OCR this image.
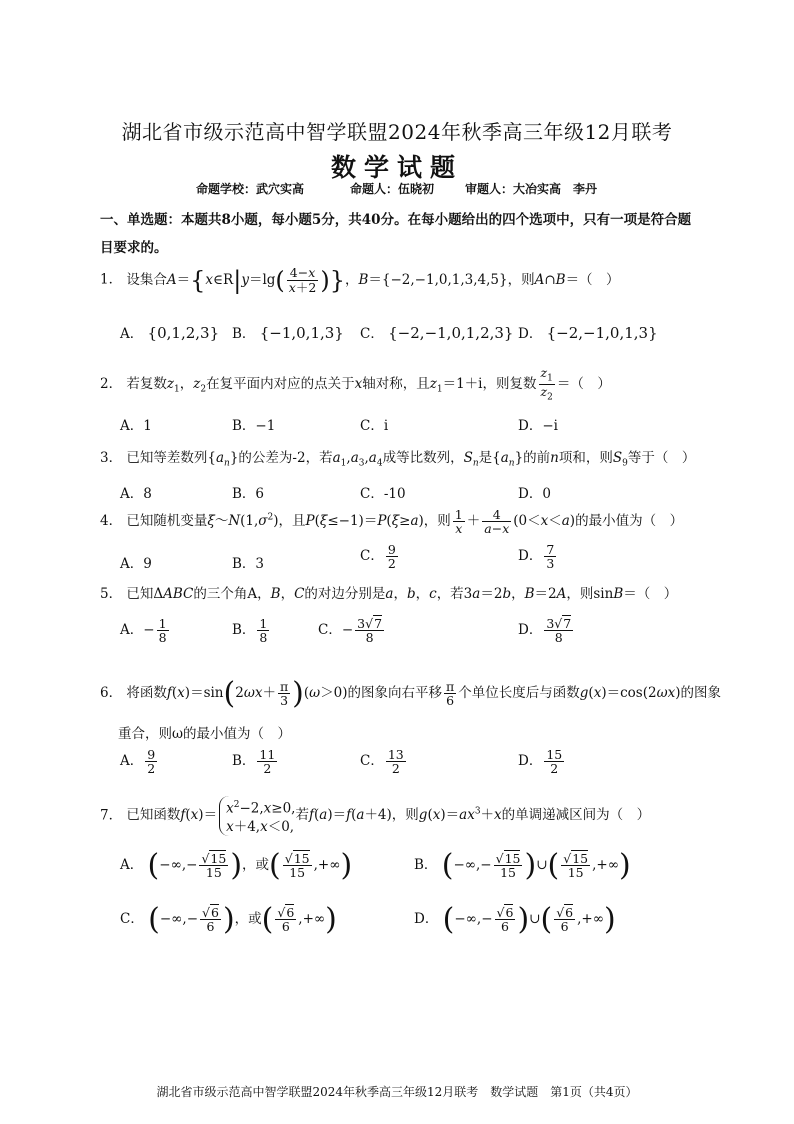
湖北省市级示范高中智学联盟2024年秋季高三年级12月联考
数学试题
命题学校：武穴实高	命题人：伍晓初	审题人：大冶实高　李丹
一、单选题：本题共8小题，每小题5分，共40分。在每小题给出的四个选项中，只有一项是符合题目要求的。
1． 设集合A＝{x∈R|y＝lg( $\frac{4-x}{x+2}$ )}，B＝{−2,−1,0,1,3,4,5}，则A∩B＝（　）
A． {0,1,2,3} B． {−1,0,1,3} C． {−2,−1,0,1,2,3} D． {−2,−1,0,1,3}
2． 若复数$z_1$，$z_2$在复平面内对应的点关于x轴对称，且$z_1=1+i$，则复数 $\frac{z_1}{z_2}$ ＝（　）
A．1	B．−1	C．i	D．−i
3． 已知等差数列$\{a_n\}$的公差为-2，若$a_1,a_3,a_4$成等比数列，$S_n$是$\{a_n\}$的前n项和，则$S_9$等于（　）
A．8	B．6	C．-10	D．0
4． 已知随机变量$\xi\sim N(1,\sigma^2)$，且P(ξ≤−1)＝P(ξ≥a)，则 $\frac{1}{x} + \frac{4}{a-x} (0<x<a)$的最小值为（　）
A．9	B．3	C． $\frac{9}{2}$	D． $\frac{7}{3}$
5． 已知ΔABC的三个角A，B，C的对边分别是a，b，c，若3a＝2b，B＝2A，则sinB＝（　）
A．− $\frac{1}{8}$	B． $\frac{1}{8}$	C．− $\frac{3√7}{8}$	D． $\frac{3√7}{8}$
6． 将函数$f(x)=\sin(2\omega x+ \frac{\pi}{3} )(\omega>0)$的图象向右平移 $\frac{\pi}{6}$ 个单位长度后与函数g(x)＝cos(2ωx)的图象
重合，则ω的最小值为（　）
A． $\frac{9}{2}$	B． $\frac{11}{2}$	C． $\frac{13}{2}$	D． $\frac{15}{2}$
7． 已知函数$f(x)= x^2-2,x\ge 0$,
x＋4,x＜0,若f(a)＝f(a＋4)，则$g(x)=ax^3+x$的单调递减区间为（　）
A． (−∞,− $\frac{√15}{15}$ )，或( $\frac{√15}{15}$ ,+∞)	B． (−∞,− $\frac{√15}{15}$ )∪( $\frac{√15}{15}$ ,+∞)
C． (−∞,− $\frac{√6}{6}$ )，或( $\frac{√6}{6}$ ,+∞)	D． (−∞,− $\frac{√6}{6}$ )∪( $\frac{√6}{6}$ ,+∞)
湖北省市级示范高中智学联盟2024年秋季高三年级12月联考　数学试题　第1页（共4页）
